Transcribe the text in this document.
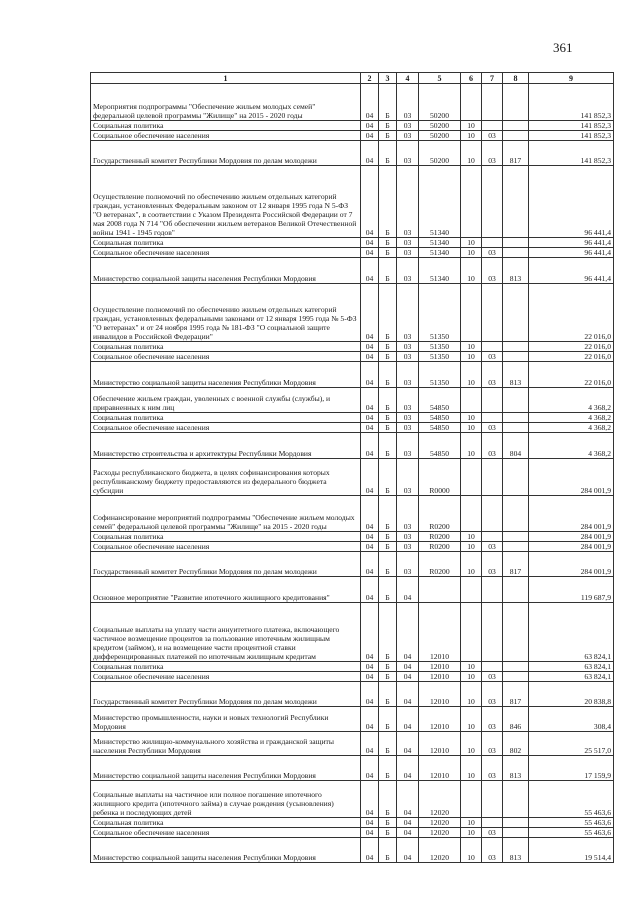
361
1	2	3	4	5	6	7	8	9
Мероприятия подпрограммы "Обеспечение жильем молодых семей" федеральной целевой программы "Жилище" на 2015 - 2020 годы	04	Б	03	50200				141 852,3
Социальная политика	04	Б	03	50200	10			141 852,3
Социальное обеспечение населения	04	Б	03	50200	10	03		141 852,3
Государственный комитет Республики Мордовия по делам молодежи	04	Б	03	50200	10	03	817	141 852,3
Осуществление полномочий по обеспечению жильем отдельных категорий граждан, установленных Федеральным законом от 12 января 1995 года N 5-ФЗ "О ветеранах", в соответствии с Указом Президента Российской Федерации от 7 мая 2008 года N 714 "Об обеспечении жильем ветеранов Великой Отечественной войны 1941 - 1945 годов"	04	Б	03	51340				96 441,4
Социальная политика	04	Б	03	51340	10			96 441,4
Социальное обеспечение населения	04	Б	03	51340	10	03		96 441,4
Министерство социальной защиты населения Республики Мордовия	04	Б	03	51340	10	03	813	96 441,4
Осуществление полномочий по обеспечению жильем отдельных категорий граждан, установленных федеральными законами от 12 января 1995 года № 5-ФЗ "О ветеранах" и от 24 ноября 1995 года № 181-ФЗ "О социальной защите инвалидов в Российской Федерации"	04	Б	03	51350				22 016,0
Социальная политика	04	Б	03	51350	10			22 016,0
Социальное обеспечение населения	04	Б	03	51350	10	03		22 016,0
Министерство социальной защиты населения Республики Мордовия	04	Б	03	51350	10	03	813	22 016,0
Обеспечение жильем граждан, уволенных с военной службы (службы), и приравненных к ним лиц	04	Б	03	54850				4 368,2
Социальная политика	04	Б	03	54850	10			4 368,2
Социальное обеспечение населения	04	Б	03	54850	10	03		4 368,2
Министерство строительства и архитектуры Республики Мордовия	04	Б	03	54850	10	03	804	4 368,2
Расходы республиканского бюджета, в целях софинансирования которых республиканскому бюджету предоставляются из федерального бюджета субсидии	04	Б	03	R0000				284 001,9
Софинансирование мероприятий подпрограммы "Обеспечение жильем молодых семей" федеральной целевой программы "Жилище" на 2015 - 2020 годы	04	Б	03	R0200				284 001,9
Социальная политика	04	Б	03	R0200	10			284 001,9
Социальное обеспечение населения	04	Б	03	R0200	10	03		284 001,9
Государственный комитет Республики Мордовия по делам молодежи	04	Б	03	R0200	10	03	817	284 001,9
Основное мероприятие "Развитие ипотечного жилищного кредитования"	04	Б	04					119 687,9
Социальные выплаты на уплату части аннуитетного платежа, включающего частичное возмещение процентов за пользование ипотечным жилищным кредитом (займом), и на возмещение части процентной ставки дифференцированных платежей по ипотечным жилищным кредитам	04	Б	04	12010				63 824,1
Социальная политика	04	Б	04	12010	10			63 824,1
Социальное обеспечение населения	04	Б	04	12010	10	03		63 824,1
Государственный комитет Республики Мордовия по делам молодежи	04	Б	04	12010	10	03	817	20 838,8
Министерство промышленности, науки и новых технологий Республики Мордовия	04	Б	04	12010	10	03	846	308,4
Министерство жилищно-коммунального хозяйства и гражданской защиты населения Республики Мордовия	04	Б	04	12010	10	03	802	25 517,0
Министерство социальной защиты населения Республики Мордовия	04	Б	04	12010	10	03	813	17 159,9
Социальные выплаты на частичное или полное погашение ипотечного жилищного кредита (ипотечного займа) в случае рождения (усыновления) ребенка и последующих детей	04	Б	04	12020				55 463,6
Социальная политика	04	Б	04	12020	10			55 463,6
Социальное обеспечение населения	04	Б	04	12020	10	03		55 463,6
Министерство социальной защиты населения Республики Мордовия	04	Б	04	12020	10	03	813	19 514,4
